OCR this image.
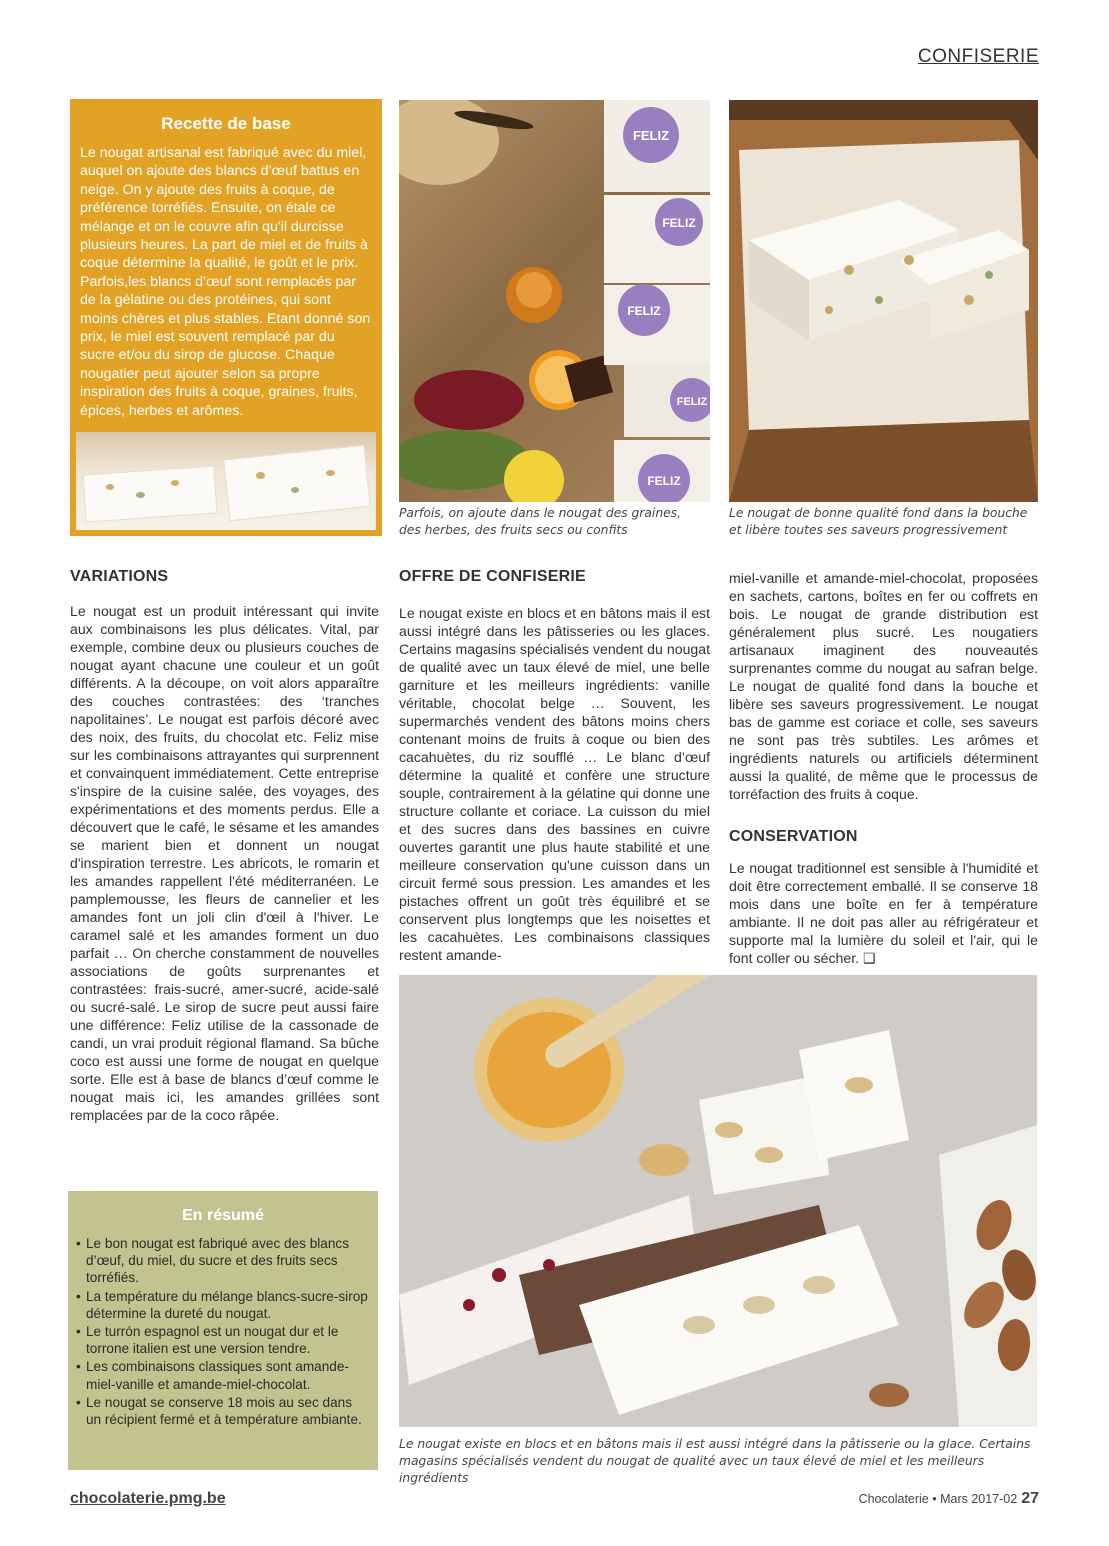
CONFISERIE
Recette de base
Le nougat artisanal est fabriqué avec du miel, auquel on ajoute des blancs d’œuf battus en neige. On y ajoute des fruits à coque, de préférence torréfiés. Ensuite, on étale ce mélange et on le couvre afin qu'il durcisse plusieurs heures. La part de miel et de fruits à coque détermine la qualité, le goût et le prix. Parfois,les blancs d’œuf sont remplacés par de la gélatine ou des protéines, qui sont moins chères et plus stables. Etant donné son prix, le miel est souvent remplacé par du sucre et/ou du sirop de glucose. Chaque nougatier peut ajouter selon sa propre inspiration des fruits à coque, graines, fruits, épices, herbes et arômes.
FELIZ
FELIZ
FELIZ
FELIZ
FELIZ
Parfois, on ajoute dans le nougat des graines, des herbes, des fruits secs ou confits
Le nougat de bonne qualité fond dans la bouche et libère toutes ses saveurs progressivement
VARIATIONS

Le nougat est un produit intéressant qui invite aux combinaisons les plus délicates. Vital, par exemple, combine deux ou plusieurs couches de nougat ayant chacune une couleur et un goût différents. A la découpe, on voit alors apparaître des couches contrastées: des ‘tranches napolitaines’. Le nougat est parfois décoré avec des noix, des fruits, du chocolat etc. Feliz mise sur les combinaisons attrayantes qui surprennent et convainquent immédiatement. Cette entreprise s'inspire de la cuisine salée, des voyages, des expérimentations et des moments perdus. Elle a découvert que le café, le sésame et les amandes se marient bien et donnent un nougat d'inspiration terrestre. Les abricots, le romarin et les amandes rappellent l'été méditerranéen. Le pamplemousse, les fleurs de cannelier et les amandes font un joli clin d'œil à l'hiver. Le caramel salé et les amandes forment un duo parfait … On cherche constamment de nouvelles associations de goûts surprenantes et contrastées: frais-sucré, amer-sucré, acide-salé ou sucré-salé. Le sirop de sucre peut aussi faire une différence: Feliz utilise de la cassonade de candi, un vrai produit régional flamand. Sa bûche coco est aussi une forme de nougat en quelque sorte. Elle est à base de blancs d’œuf comme le nougat mais ici, les amandes grillées sont remplacées par de la coco râpée.

OFFRE DE CONFISERIE

Le nougat existe en blocs et en bâtons mais il est aussi intégré dans les pâtisseries ou les glaces. Certains magasins spécialisés vendent du nougat de qualité avec un taux élevé de miel, une belle garniture et les meilleurs ingrédients: vanille véritable, chocolat belge … Souvent, les supermarchés vendent des bâtons moins chers contenant moins de fruits à coque ou bien des cacahuètes, du riz soufflé … Le blanc d’œuf détermine la qualité et confère une structure souple, contrairement à la gélatine qui donne une structure collante et coriace. La cuisson du miel et des sucres dans des bassines en cuivre ouvertes garantit une plus haute stabilité et une meilleure conservation qu'une cuisson dans un circuit fermé sous pression. Les amandes et les pistaches offrent un goût très équilibré et se conservent plus longtemps que les noisettes et les cacahuètes. Les combinaisons classiques restent amande-

miel-vanille et amande-miel-chocolat, proposées en sachets, cartons, boîtes en fer ou coffrets en bois. Le nougat de grande distribution est généralement plus sucré. Les nougatiers artisanaux imaginent des nouveautés surprenantes comme du nougat au safran belge. Le nougat de qualité fond dans la bouche et libère ses saveurs progressivement. Le nougat bas de gamme est coriace et colle, ses saveurs ne sont pas très subtiles. Les arômes et ingrédients naturels ou artificiels déterminent aussi la qualité, de même que le processus de torréfaction des fruits à coque.

CONSERVATION

Le nougat traditionnel est sensible à l'humidité et doit être correctement emballé. Il se conserve 18 mois dans une boîte en fer à température ambiante. Il ne doit pas aller au réfrigérateur et supporte mal la lumière du soleil et l'air, qui le font coller ou sécher. ❑

Le nougat existe en blocs et en bâtons mais il est aussi intégré dans la pâtisserie ou la glace. Certains magasins spécialisés vendent du nougat de qualité avec un taux élevé de miel et les meilleurs ingrédients
En résumé
• Le bon nougat est fabriqué avec des blancs d’œuf, du miel, du sucre et des fruits secs torréfiés.
• La température du mélange blancs-sucre-sirop détermine la dureté du nougat.
• Le turrón espagnol est un nougat dur et le torrone italien est une version tendre.
• Les combinaisons classiques sont amande-miel-vanille et amande-miel-chocolat.
• Le nougat se conserve 18 mois au sec dans un récipient fermé et à température ambiante.
chocolaterie.pmg.be	Chocolaterie • Mars 2017-02 27
